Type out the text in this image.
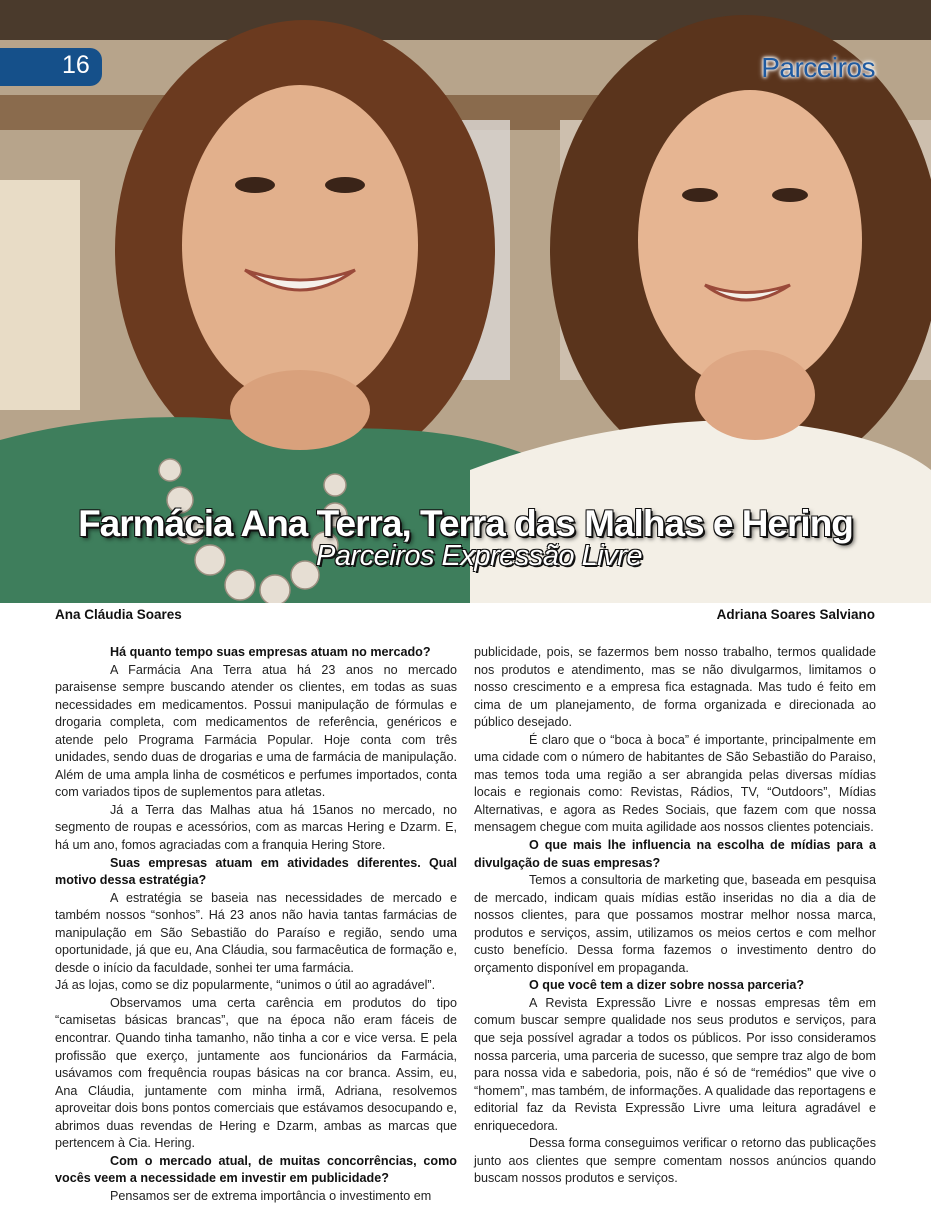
16	Parceiros
Farmácia Ana Terra, Terra das Malhas e Hering
Parceiros Expressão Livre
Ana Cláudia Soares	Adriana Soares Salviano

Há quanto tempo suas empresas atuam no mercado?

A Farmácia Ana Terra atua há 23 anos no mercado paraisense sempre buscando atender os clientes, em todas as suas necessidades em medicamentos. Possui manipulação de fórmulas e drogaria completa, com medicamentos de referência, genéricos e atende pelo Programa Farmácia Popular. Hoje conta com três unidades, sendo duas de drogarias e uma de farmácia de manipulação. Além de uma ampla linha de cosméticos e perfumes importados, conta com variados tipos de suplementos para atletas.

Já a Terra das Malhas atua há 15anos no mercado, no segmento de roupas e acessórios, com as marcas Hering e Dzarm. E, há um ano, fomos agraciadas com a franquia Hering Store.

Suas empresas atuam em atividades diferentes. Qual motivo dessa estratégia?

A estratégia se baseia nas necessidades de mercado e também nossos “sonhos”. Há 23 anos não havia tantas farmácias de manipulação em São Sebastião do Paraíso e região, sendo uma oportunidade, já que eu, Ana Cláudia, sou farmacêutica de formação e, desde o início da faculdade, sonhei ter uma farmácia.

Já as lojas, como se diz popularmente, “unimos o útil ao agradável”.

Observamos uma certa carência em produtos do tipo “camisetas básicas brancas”, que na época não eram fáceis de encontrar. Quando tinha tamanho, não tinha a cor e vice versa. E pela profissão que exerço, juntamente aos funcionários da Farmácia, usávamos com frequência roupas básicas na cor branca. Assim, eu, Ana Cláudia, juntamente com minha irmã, Adriana, resolvemos aproveitar dois bons pontos comerciais que estávamos desocupando e, abrimos duas revendas de Hering e Dzarm, ambas as marcas que pertencem à Cia. Hering.

Com o mercado atual, de muitas concorrências, como vocês veem a necessidade em investir em publicidade?

Pensamos ser de extrema importância o investimento em

publicidade, pois, se fazermos bem nosso trabalho, termos qualidade nos produtos e atendimento, mas se não divulgarmos, limitamos o nosso crescimento e a empresa fica estagnada. Mas tudo é feito em cima de um planejamento, de forma organizada e direcionada ao público desejado.

É claro que o “boca à boca” é importante, principalmente em uma cidade com o número de habitantes de São Sebastião do Paraiso, mas temos toda uma região a ser abrangida pelas diversas mídias locais e regionais como: Revistas, Rádios, TV, “Outdoors”, Mídias Alternativas, e agora as Redes Sociais, que fazem com que nossa mensagem chegue com muita agilidade aos nossos clientes potenciais.

O que mais lhe influencia na escolha de mídias para a divulgação de suas empresas?

Temos a consultoria de marketing que, baseada em pesquisa de mercado, indicam quais mídias estão inseridas no dia a dia de nossos clientes, para que possamos mostrar melhor nossa marca, produtos e serviços, assim, utilizamos os meios certos e com melhor custo benefício. Dessa forma fazemos o investimento dentro do orçamento disponível em propaganda.

O que você tem a dizer sobre nossa parceria?

A Revista Expressão Livre e nossas empresas têm em comum buscar sempre qualidade nos seus produtos e serviços, para que seja possível agradar a todos os públicos. Por isso consideramos nossa parceria, uma parceria de sucesso, que sempre traz algo de bom para nossa vida e sabedoria, pois, não é só de “remédios” que vive o “homem”, mas também, de informações. A qualidade das reportagens e editorial faz da Revista Expressão Livre uma leitura agradável e enriquecedora.

Dessa forma conseguimos verificar o retorno das publicações junto aos clientes que sempre comentam nossos anúncios quando buscam nossos produtos e serviços.
